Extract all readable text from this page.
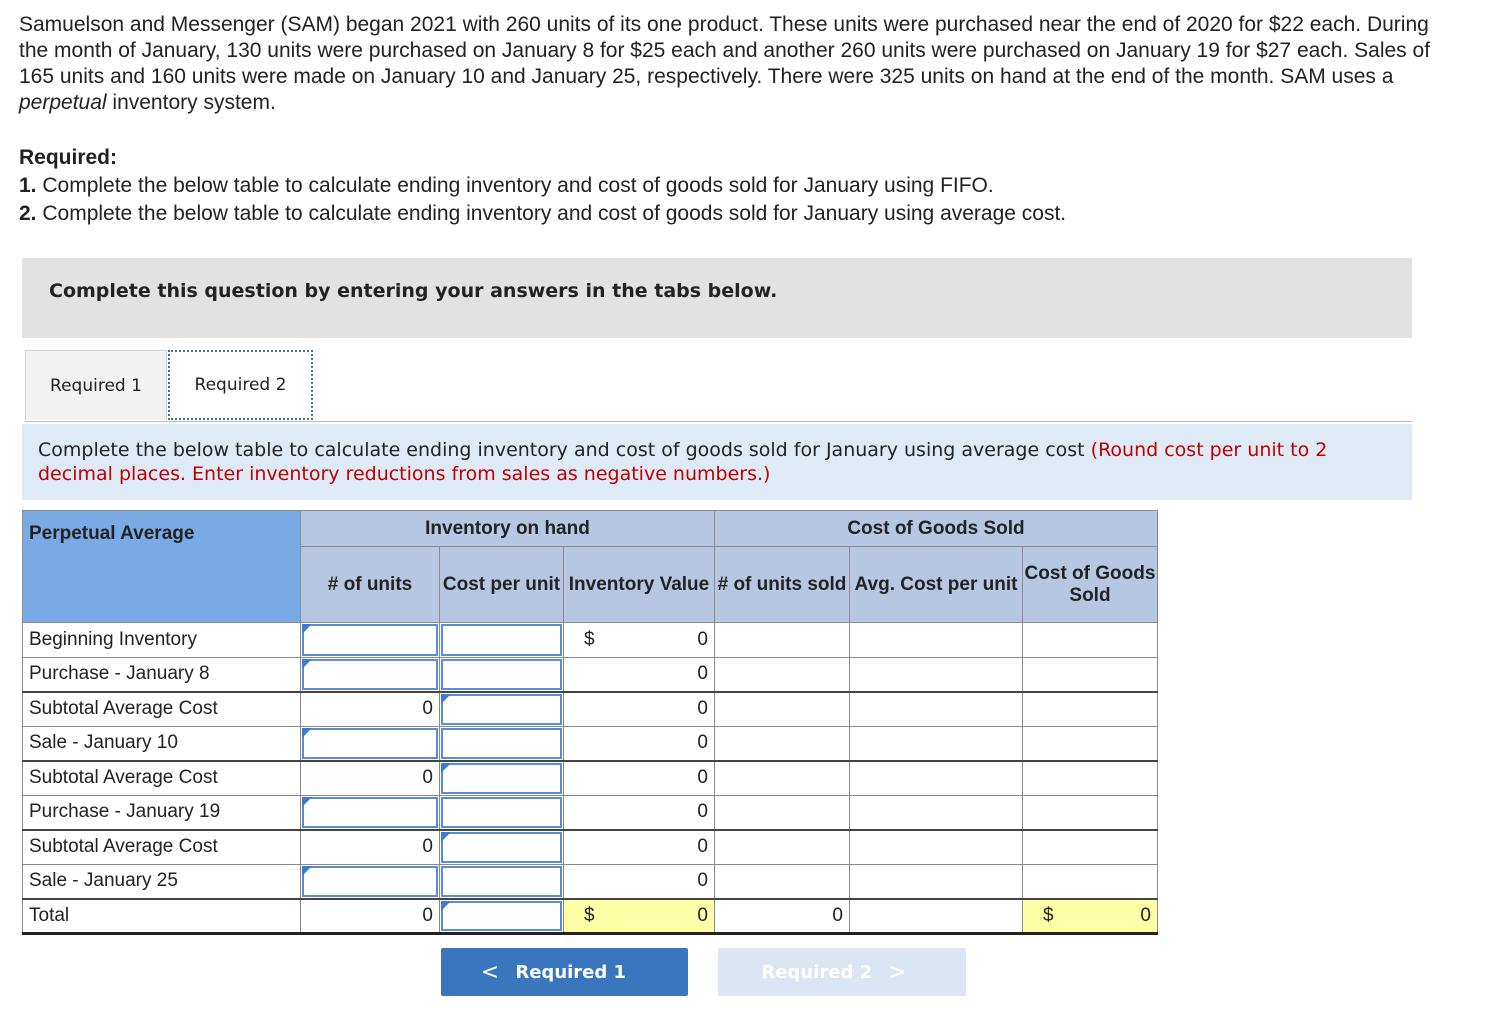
Samuelson and Messenger (SAM) began 2021 with 260 units of its one product. These units were purchased near the end of 2020 for $22 each. During the month of January, 130 units were purchased on January 8 for $25 each and another 260 units were purchased on January 19 for $27 each. Sales of 165 units and 160 units were made on January 10 and January 25, respectively. There were 325 units on hand at the end of the month. SAM uses a perpetual inventory system.
Required:
1. Complete the below table to calculate ending inventory and cost of goods sold for January using FIFO.
2. Complete the below table to calculate ending inventory and cost of goods sold for January using average cost.
Complete this question by entering your answers in the tabs below.
Required 1	Required 2
Complete the below table to calculate ending inventory and cost of goods sold for January using average cost (Round cost per unit to 2 decimal places. Enter inventory reductions from sales as negative numbers.)
Perpetual Average	Inventory on hand			Cost of Goods Sold		
	# of units	Cost per unit	Inventory Value	# of units sold	Avg. Cost per unit	Cost of Goods Sold
Beginning Inventory			$ 0			
Purchase - January 8			0			
Subtotal Average Cost	0		0			
Sale - January 10			0			
Subtotal Average Cost	0		0			
Purchase - January 19			0			
Subtotal Average Cost	0		0			
Sale - January 25			0			
Total	0		$ 0	0		$ 0
< Required 1	Required 2 >
